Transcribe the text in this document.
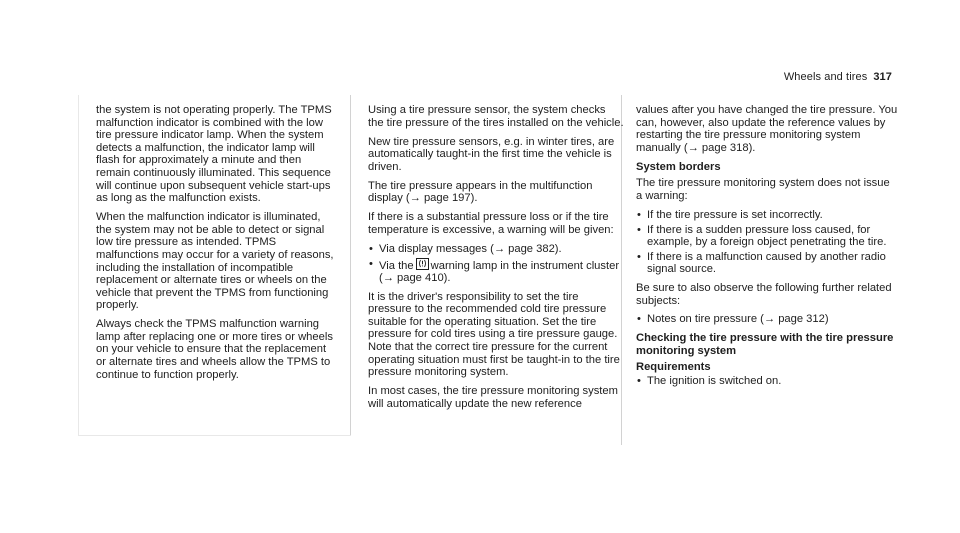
Wheels and tires 317

the system is not operating properly. The TPMS malfunction indicator is combined with the low tire pressure indicator lamp. When the system detects a malfunction, the indicator lamp will flash for approximately a minute and then remain continuously illuminated. This sequence will continue upon subsequent vehicle start-ups as long as the malfunction exists.

When the malfunction indicator is illuminated, the system may not be able to detect or signal low tire pressure as intended. TPMS malfunctions may occur for a variety of reasons, including the installation of incompatible replacement or alternate tires or wheels on the vehicle that prevent the TPMS from functioning properly.

Always check the TPMS malfunction warning lamp after replacing one or more tires or wheels on your vehicle to ensure that the replacement or alternate tires and wheels allow the TPMS to continue to function properly.

Using a tire pressure sensor, the system checks the tire pressure of the tires installed on the vehicle.

New tire pressure sensors, e.g. in winter tires, are automatically taught-in the first time the vehicle is driven.

The tire pressure appears in the multifunction display (→ page 197).

If there is a substantial pressure loss or if the tire temperature is excessive, a warning will be given:

• Via display messages (→ page 382).
• Via the warning lamp in the instrument cluster (→ page 410).

It is the driver's responsibility to set the tire pressure to the recommended cold tire pressure suitable for the operating situation. Set the tire pressure for cold tires using a tire pressure gauge. Note that the correct tire pressure for the current operating situation must first be taught-in to the tire pressure monitoring system.

In most cases, the tire pressure monitoring system will automatically update the new reference

values after you have changed the tire pressure. You can, however, also update the reference values by restarting the tire pressure monitoring system manually (→ page 318).

System borders

The tire pressure monitoring system does not issue a warning:

• If the tire pressure is set incorrectly.
• If there is a sudden pressure loss caused, for example, by a foreign object penetrating the tire.
• If there is a malfunction caused by another radio signal source.

Be sure to also observe the following further related subjects:

• Notes on tire pressure (→ page 312)
Checking the tire pressure with the tire pressure monitoring system
Requirements
• The ignition is switched on.
